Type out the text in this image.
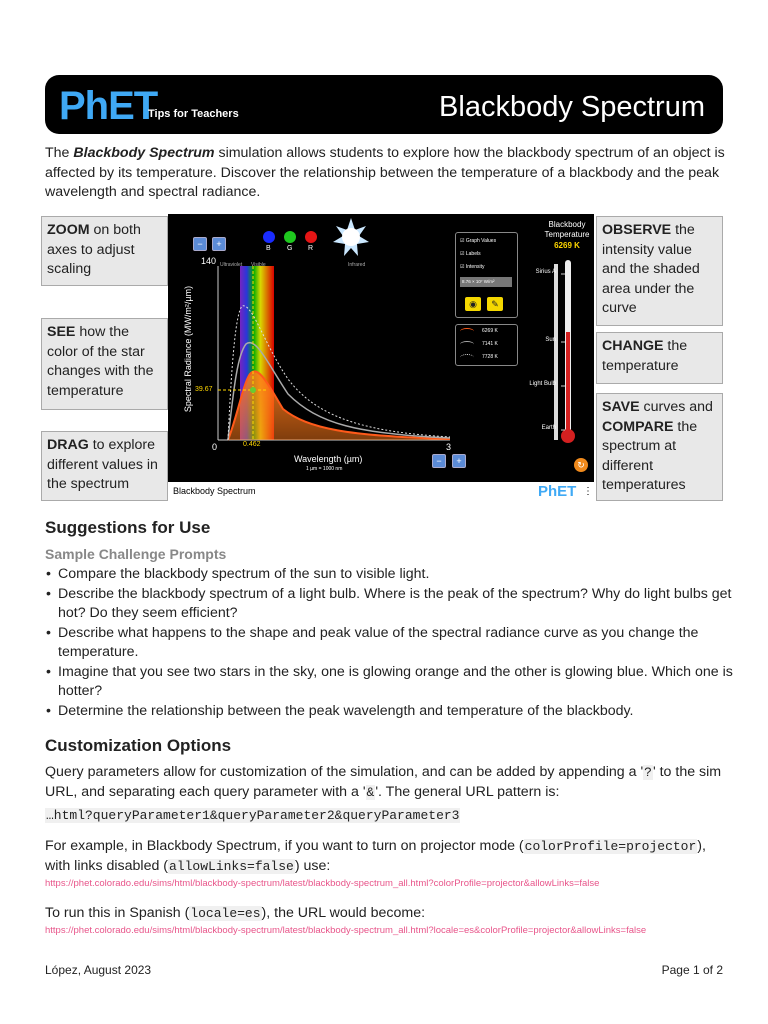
PhET
Tips for Teachers	Blackbody Spectrum
The Blackbody Spectrum simulation allows students to explore how the blackbody spectrum of an object is affected by its temperature. Discover the relationship between the temperature of a blackbody and the peak wavelength and spectral radiance.
↻
−	+
−	+
140 Ultraviolet Visible	Infrared
Spectral Radiance (MW/m²/µm) 39.67
0.462
0	3
Wavelength (µm)
1 µm = 1000 nm
B G R
☑ Graph Values
☑ Labels
☑ Intensity
8.76 × 10⁷ W/m²
◉	✎
6269 K
7141 K
7728 K
Blackbody Temperature
6269 K
Sirius A
Sun
Light Bulb
Earth
Blackbody Spectrum	PhET ⋮
ZOOM on both axes to adjust scaling
SEE how the color of the star changes with the temperature
DRAG to explore different values in the spectrum
OBSERVE the intensity value and the shaded area under the curve
CHANGE the temperature
SAVE curves and COMPARE the spectrum at different temperatures
Suggestions for Use
Sample Challenge Prompts
• Compare the blackbody spectrum of the sun to visible light.
• Describe the blackbody spectrum of a light bulb. Where is the peak of the spectrum? Why do light bulbs get hot? Do they seem efficient?
• Describe what happens to the shape and peak value of the spectral radiance curve as you change the temperature.
• Imagine that you see two stars in the sky, one is glowing orange and the other is glowing blue. Which one is hotter?
• Determine the relationship between the peak wavelength and temperature of the blackbody.
Customization Options
Query parameters allow for customization of the simulation, and can be added by appending a '?' to the sim URL, and separating each query parameter with a '&'. The general URL pattern is:
…html?queryParameter1&queryParameter2&queryParameter3
For example, in Blackbody Spectrum, if you want to turn on projector mode (colorProfile=projector), with links disabled (allowLinks=false) use:
https://phet.colorado.edu/sims/html/blackbody-spectrum/latest/blackbody-spectrum_all.html?colorProfile=projector&allowLinks=false
To run this in Spanish (locale=es), the URL would become:
https://phet.colorado.edu/sims/html/blackbody-spectrum/latest/blackbody-spectrum_all.html?locale=es&colorProfile=projector&allowLinks=false
López, August 2023	Page 1 of 2
